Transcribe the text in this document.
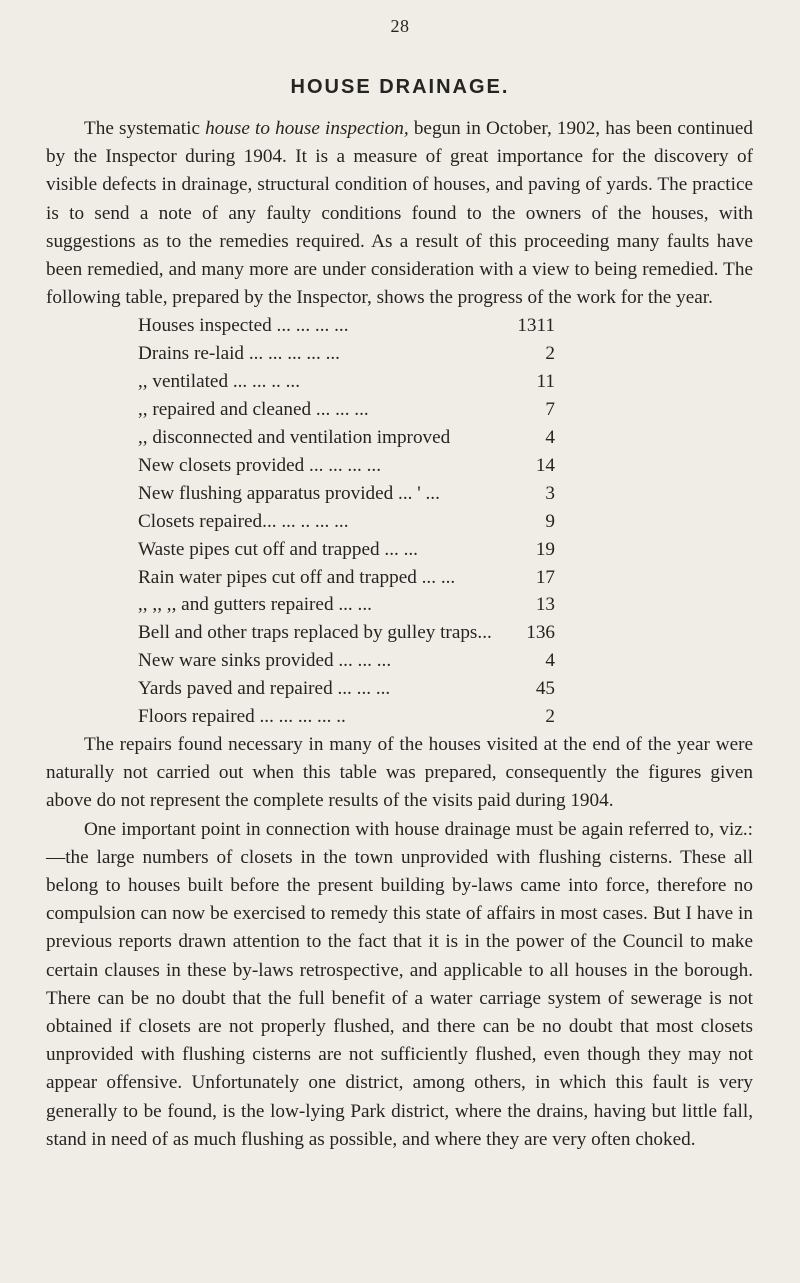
28
HOUSE DRAINAGE.

The systematic house to house inspection, begun in October, 1902, has been continued by the Inspector during 1904. It is a measure of great importance for the discovery of visible defects in drainage, structural condition of houses, and paving of yards. The practice is to send a note of any faulty conditions found to the owners of the houses, with suggestions as to the remedies required. As a result of this proceeding many faults have been remedied, and many more are under consideration with a view to being remedied. The following table, prepared by the Inspector, shows the progress of the work for the year.

Houses inspected ... ... ... ...	1311
Drains re-laid ... ... ... ... ...	2
,, ventilated ... ... .. ...	11
,, repaired and cleaned ... ... ...	7
,, disconnected and ventilation improved	4
New closets provided ... ... ... ...	14
New flushing apparatus provided ... ' ...	3
Closets repaired... ... .. ... ...	9
Waste pipes cut off and trapped ... ...	19
Rain water pipes cut off and trapped ... ...	17
,, ,, ,, and gutters repaired ... ...	13
Bell and other traps replaced by gulley traps...	136
New ware sinks provided ... ... ...	4
Yards paved and repaired ... ... ...	45
Floors repaired ... ... ... ... ..	2

The repairs found necessary in many of the houses visited at the end of the year were naturally not carried out when this table was prepared, consequently the figures given above do not represent the complete results of the visits paid during 1904.

One important point in connection with house drainage must be again referred to, viz.:—the large numbers of closets in the town unprovided with flushing cisterns. These all belong to houses built before the present building by-laws came into force, therefore no compulsion can now be exercised to remedy this state of affairs in most cases. But I have in previous reports drawn attention to the fact that it is in the power of the Council to make certain clauses in these by-laws retrospective, and applicable to all houses in the borough. There can be no doubt that the full benefit of a water carriage system of sewerage is not obtained if closets are not properly flushed, and there can be no doubt that most closets unprovided with flushing cisterns are not sufficiently flushed, even though they may not appear offensive. Unfortunately one district, among others, in which this fault is very generally to be found, is the low-lying Park district, where the drains, having but little fall, stand in need of as much flushing as possible, and where they are very often choked.
